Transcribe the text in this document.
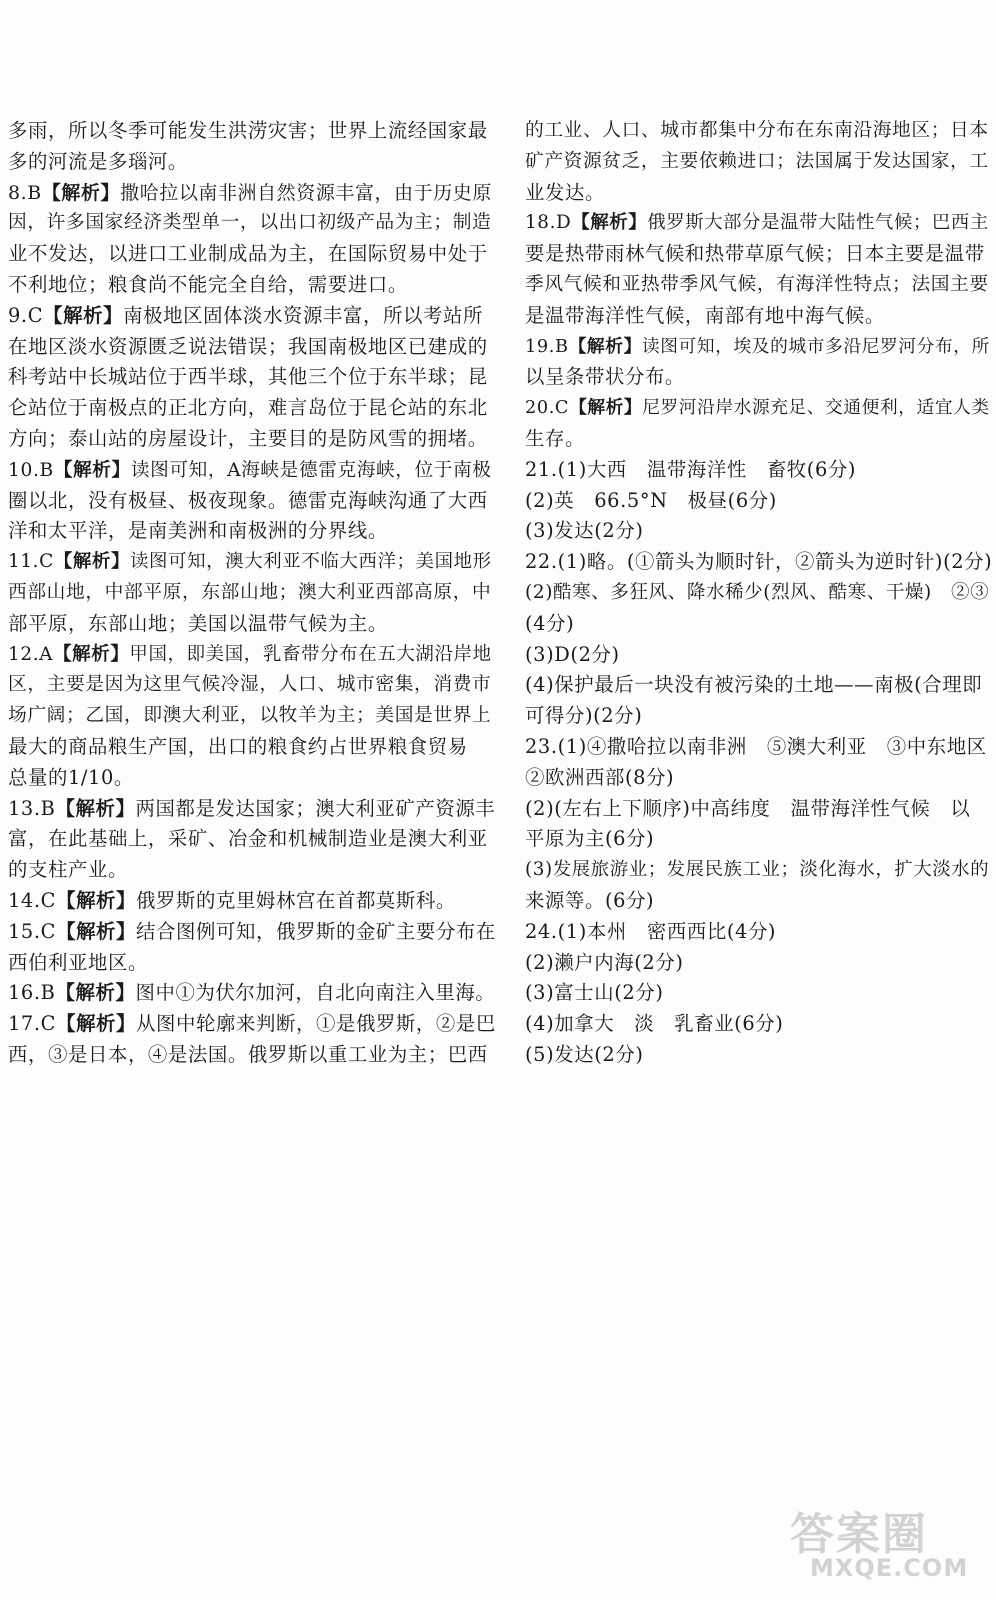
多雨，所以冬季可能发生洪涝灾害；世界上流经国家最
多的河流是多瑙河。
8.B【解析】撒哈拉以南非洲自然资源丰富，由于历史原
因，许多国家经济类型单一，以出口初级产品为主；制造
业不发达，以进口工业制成品为主，在国际贸易中处于
不利地位；粮食尚不能完全自给，需要进口。
9.C【解析】南极地区固体淡水资源丰富，所以考站所
在地区淡水资源匮乏说法错误；我国南极地区已建成的
科考站中长城站位于西半球，其他三个位于东半球；昆
仑站位于南极点的正北方向，难言岛位于昆仑站的东北
方向；泰山站的房屋设计，主要目的是防风雪的拥堵。
10.B【解析】读图可知，A海峡是德雷克海峡，位于南极
圈以北，没有极昼、极夜现象。德雷克海峡沟通了大西
洋和太平洋，是南美洲和南极洲的分界线。
11.C【解析】读图可知，澳大利亚不临大西洋；美国地形
西部山地，中部平原，东部山地；澳大利亚西部高原，中
部平原，东部山地；美国以温带气候为主。
12.A【解析】甲国，即美国，乳畜带分布在五大湖沿岸地
区，主要是因为这里气候冷湿，人口、城市密集，消费市
场广阔；乙国，即澳大利亚，以牧羊为主；美国是世界上
最大的商品粮生产国，出口的粮食约占世界粮食贸易
总量的1/10。
13.B【解析】两国都是发达国家；澳大利亚矿产资源丰
富，在此基础上，采矿、冶金和机械制造业是澳大利亚
的支柱产业。
14.C【解析】俄罗斯的克里姆林宫在首都莫斯科。
15.C【解析】结合图例可知，俄罗斯的金矿主要分布在
西伯利亚地区。
16.B【解析】图中①为伏尔加河，自北向南注入里海。
17.C【解析】从图中轮廓来判断，①是俄罗斯，②是巴
西，③是日本，④是法国。俄罗斯以重工业为主；巴西
的工业、人口、城市都集中分布在东南沿海地区；日本
矿产资源贫乏，主要依赖进口；法国属于发达国家，工
业发达。
18.D【解析】俄罗斯大部分是温带大陆性气候；巴西主
要是热带雨林气候和热带草原气候；日本主要是温带
季风气候和亚热带季风气候，有海洋性特点；法国主要
是温带海洋性气候，南部有地中海气候。
19.B【解析】读图可知，埃及的城市多沿尼罗河分布，所
以呈条带状分布。
20.C【解析】尼罗河沿岸水源充足、交通便利，适宜人类
生存。
21.(1)大西　温带海洋性　畜牧(6分)
(2)英　66.5°N　极昼(6分)
(3)发达(2分)
22.(1)略。(①箭头为顺时针，②箭头为逆时针)(2分)
(2)酷寒、多狂风、降水稀少(烈风、酷寒、干燥)　②③
(4分)
(3)D(2分)
(4)保护最后一块没有被污染的土地——南极(合理即
可得分)(2分)
23.(1)④撒哈拉以南非洲　⑤澳大利亚　③中东地区
②欧洲西部(8分)
(2)(左右上下顺序)中高纬度　温带海洋性气候　以
平原为主(6分)
(3)发展旅游业；发展民族工业；淡化海水，扩大淡水的
来源等。(6分)
24.(1)本州　密西西比(4分)
(2)濑户内海(2分)
(3)富士山(2分)
(4)加拿大　淡　乳畜业(6分)
(5)发达(2分)
答案圈
MXQE.COM
